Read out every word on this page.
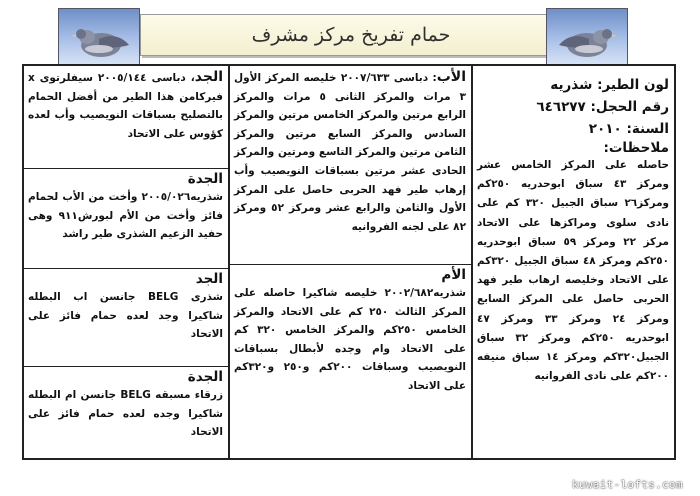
حمام تفريخ مركز مشرف
الجد، دباسى ٢٠٠٥/١٤٤ سيفلرتوى x فيركامن هذا الطير من أفضل الحمام بالتصليح بسباقات النويصيب وأب لعده كؤوس على الاتحاد
الجدة
شذريه٢٠٠٥/٠٢٦ وأخت من الأب لحمام فائز وأخت من الأم لبورش٩١١ وهى حفيد الزعيم الشذرى طير راشد
الجد
شذرى BELG جانسن اب البطله شاكيرا وجد لعده حمام فائز على الاتحاد
الجدة
زرقاء مسبقه BELG جانسن ام البطله شاكيرا وجده لعده حمام فائز على الاتحاد
الأب: دباسى ٢٠٠٧/٦٣٣ خليصه المركز الأول ٣ مرات والمركز الثانى ٥ مرات والمركز الرابع مرتين والمركز الخامس مرتين والمركز السادس والمركز السابع مرتين والمركز الثامن مرتين والمركز التاسع ومرتين والمركز الحادى عشر مرتين بسباقات النويصيب وأب إرهاب طير فهد الحربى حاصل على المركز الأول والثامن والرابع عشر ومركز ٥٢ ومركز ٨٢ على لجنه الفروانيه
الأم
شذريه٢٠٠٢/٦٨٢ خليصه شاكيرا حاصله على المركز الثالث ٢٥٠ كم على الاتحاد والمركز الخامس ٢٥٠كم والمركز الخامس ٣٢٠ كم على الاتحاد وام وجده لأبطال بسباقات النويصيب وسباقات ٢٠٠كم و٢٥٠ و٣٢٠كم على الاتحاد
لون الطير: شذريه
رقم الحجل: ٦٤٦٢٧٧
السنة: ٢٠١٠
ملاحظات:
حاصله على المركز الخامس عشر ومركز ٤٣ سباق ابوحدريه ٢٥٠كم ومركز٢٦ سباق الجبيل ٣٢٠ كم على نادى سلوى ومراكزها على الاتحاد مركز ٢٢ ومركز ٥٩ سباق ابوحدريه ٢٥٠كم ومركز ٤٨ سباق الجبيل ٣٢٠كم على الاتحاد وخليصه ارهاب طير فهد الحربى حاصل على المركز السابع ومركز ٢٤ ومركز ٣٣ ومركز ٤٧ ابوحدريه ٢٥٠كم ومركز ٣٢ سباق الجبيل٣٢٠كم ومركز ١٤ سباق منيفه ٢٠٠كم على نادى الفروانيه
kuwait-lofts.com
